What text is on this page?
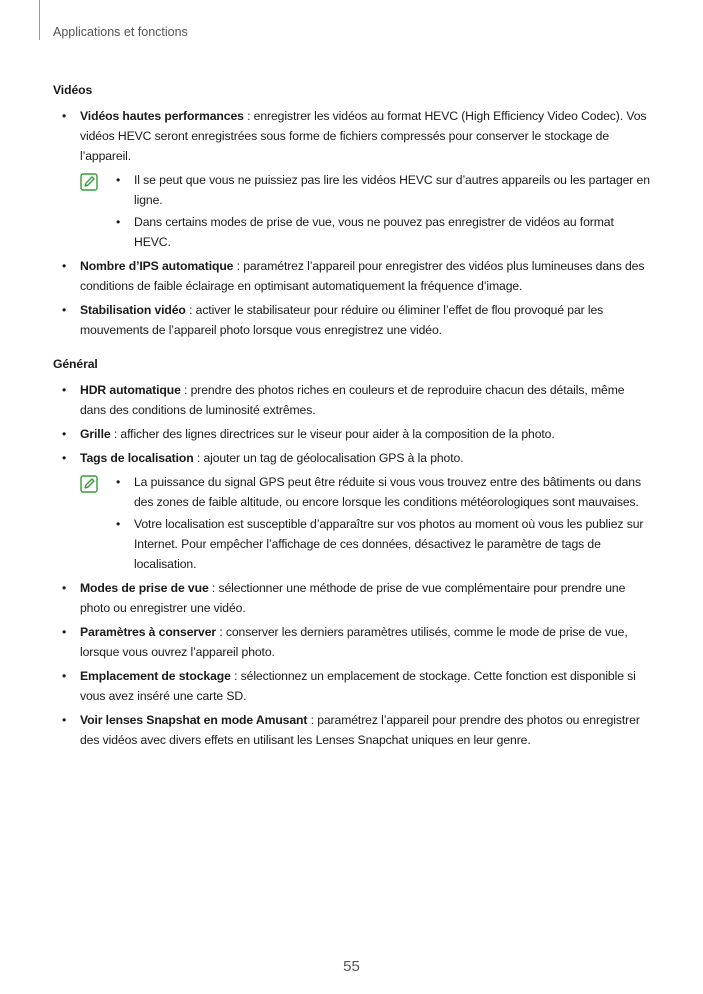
Applications et fonctions

Vidéos

• Vidéos hautes performances : enregistrer les vidéos au format HEVC (High Efficiency Video Codec). Vos vidéos HEVC seront enregistrées sous forme de fichiers compressés pour conserver le stockage de l’appareil.
• Il se peut que vous ne puissiez pas lire les vidéos HEVC sur d’autres appareils ou les partager en ligne.
• Dans certains modes de prise de vue, vous ne pouvez pas enregistrer de vidéos au format HEVC.
• Nombre d’IPS automatique : paramétrez l’appareil pour enregistrer des vidéos plus lumineuses dans des conditions de faible éclairage en optimisant automatiquement la fréquence d’image.
• Stabilisation vidéo : activer le stabilisateur pour réduire ou éliminer l’effet de flou provoqué par les mouvements de l’appareil photo lorsque vous enregistrez une vidéo.

Général

• HDR automatique : prendre des photos riches en couleurs et de reproduire chacun des détails, même dans des conditions de luminosité extrêmes.
• Grille : afficher des lignes directrices sur le viseur pour aider à la composition de la photo.
• Tags de localisation : ajouter un tag de géolocalisation GPS à la photo.
• La puissance du signal GPS peut être réduite si vous vous trouvez entre des bâtiments ou dans des zones de faible altitude, ou encore lorsque les conditions météorologiques sont mauvaises.
• Votre localisation est susceptible d’apparaître sur vos photos au moment où vous les publiez sur Internet. Pour empêcher l’affichage de ces données, désactivez le paramètre de tags de localisation.
• Modes de prise de vue : sélectionner une méthode de prise de vue complémentaire pour prendre une photo ou enregistrer une vidéo.
• Paramètres à conserver : conserver les derniers paramètres utilisés, comme le mode de prise de vue, lorsque vous ouvrez l’appareil photo.
• Emplacement de stockage : sélectionnez un emplacement de stockage. Cette fonction est disponible si vous avez inséré une carte SD.
• Voir lenses Snapshat en mode Amusant : paramétrez l’appareil pour prendre des photos ou enregistrer des vidéos avec divers effets en utilisant les Lenses Snapchat uniques en leur genre.
55
